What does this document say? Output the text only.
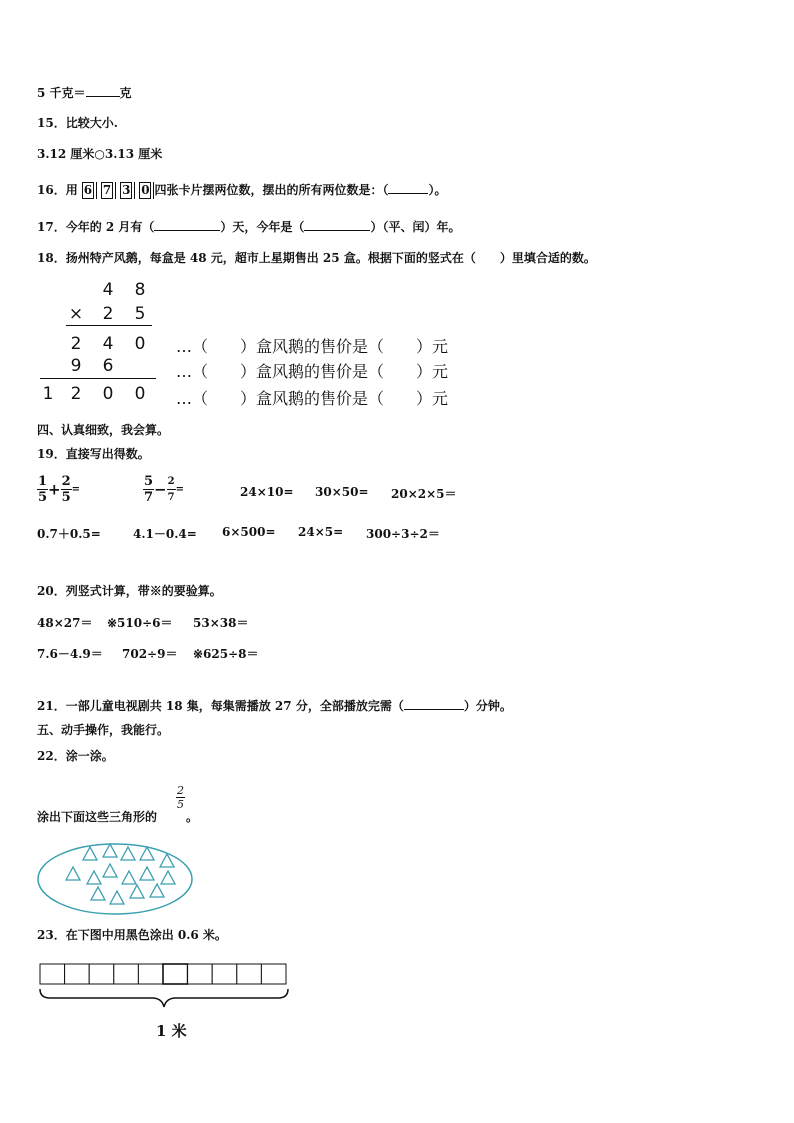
5 千克＝	克
15．比较大小.
3.12 厘米○3.13 厘米
16．用 6 7 3 0 四张卡片摆两位数，摆出的所有两位数是：（	）。
17．今年的 2 月有（	）天，今年是（	）（平、闰）年。
18．扬州特产风鹅，每盒是 48 元，超市上星期售出 25 盒。根据下面的竖式在（　　）里填合适的数。
4 8
× 2 5
2 4 0
9 6
1 2 0 0
…（　　）盒风鹅的售价是（　　）元
…（　　）盒风鹅的售价是（　　）元
…（　　）盒风鹅的售价是（　　）元
四、认真细致，我会算。
19．直接写出得数。
$\frac{1}{5} + \frac{2}{5}$ =	$\frac{5}{7} - \frac{2}{7}$ =	24×10= 30×50= 20×2×5＝
0.7＋0.5=	4.1－0.4= 6×500= 24×5= 300÷3÷2＝
20．列竖式计算，带※的要验算。
48×27＝ ※510÷6＝ 53×38＝
7.6－4.9＝ 702÷9＝ ※625÷8＝
21．一部儿童电视剧共 18 集，每集需播放 27 分，全部播放完需（	）分钟。
五、动手操作，我能行。
22．涂一涂。
涂出下面这些三角形的
2
5
。
23．在下图中用黑色涂出 0.6 米。
1 米
